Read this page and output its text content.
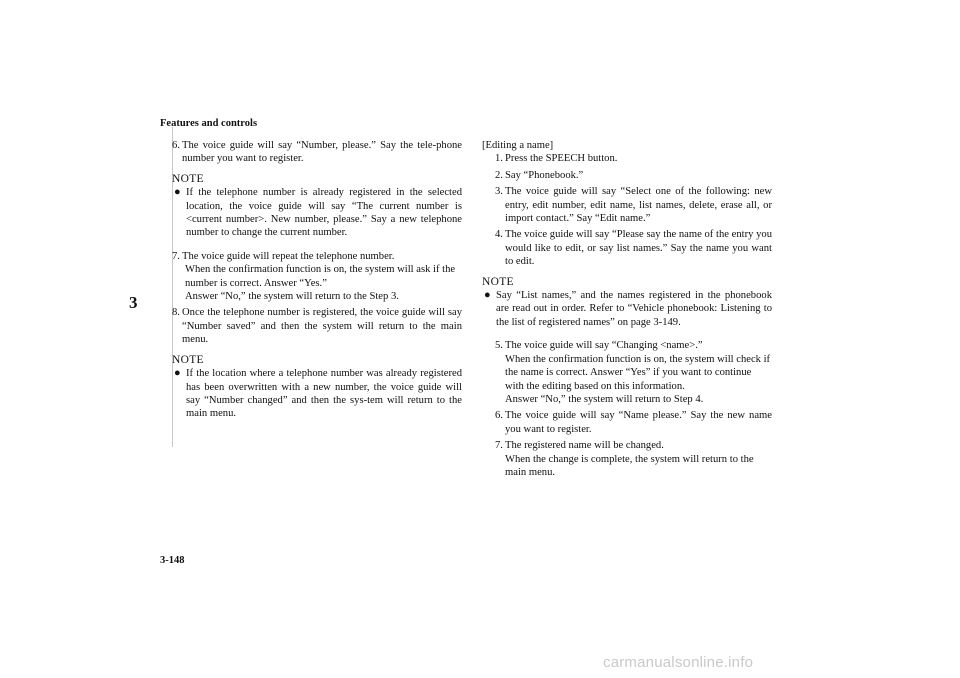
Features and controls
3
6. The voice guide will say “Number, please.” Say the tele-phone number you want to register.
NOTE
● If the telephone number is already registered in the selected location, the voice guide will say “The current number is <current number>. New number, please.” Say a new telephone number to change the current number.
7. The voice guide will repeat the telephone number.
When the confirmation function is on, the system will ask if the number is correct. Answer “Yes.”
Answer “No,” the system will return to the Step 3.
8. Once the telephone number is registered, the voice guide will say “Number saved” and then the system will return to the main menu.
NOTE
● If the location where a telephone number was already registered has been overwritten with a new number, the voice guide will say “Number changed” and then the sys-tem will return to the main menu.
[Editing a name]
1. Press the SPEECH button.
2. Say “Phonebook.”
3. The voice guide will say “Select one of the following: new entry, edit number, edit name, list names, delete, erase all, or import contact.” Say “Edit name.”
4. The voice guide will say “Please say the name of the entry you would like to edit, or say list names.” Say the name you want to edit.
NOTE
● Say “List names,” and the names registered in the phonebook are read out in order. Refer to “Vehicle phonebook: Listening to the list of registered names” on page 3-149.
5. The voice guide will say “Changing <name>.”
When the confirmation function is on, the system will check if the name is correct. Answer “Yes” if you want to continue with the editing based on this information.
Answer “No,” the system will return to Step 4.
6. The voice guide will say “Name please.” Say the new name you want to register.
7. The registered name will be changed.
When the change is complete, the system will return to the main menu.
3-148
carmanualsonline.info
